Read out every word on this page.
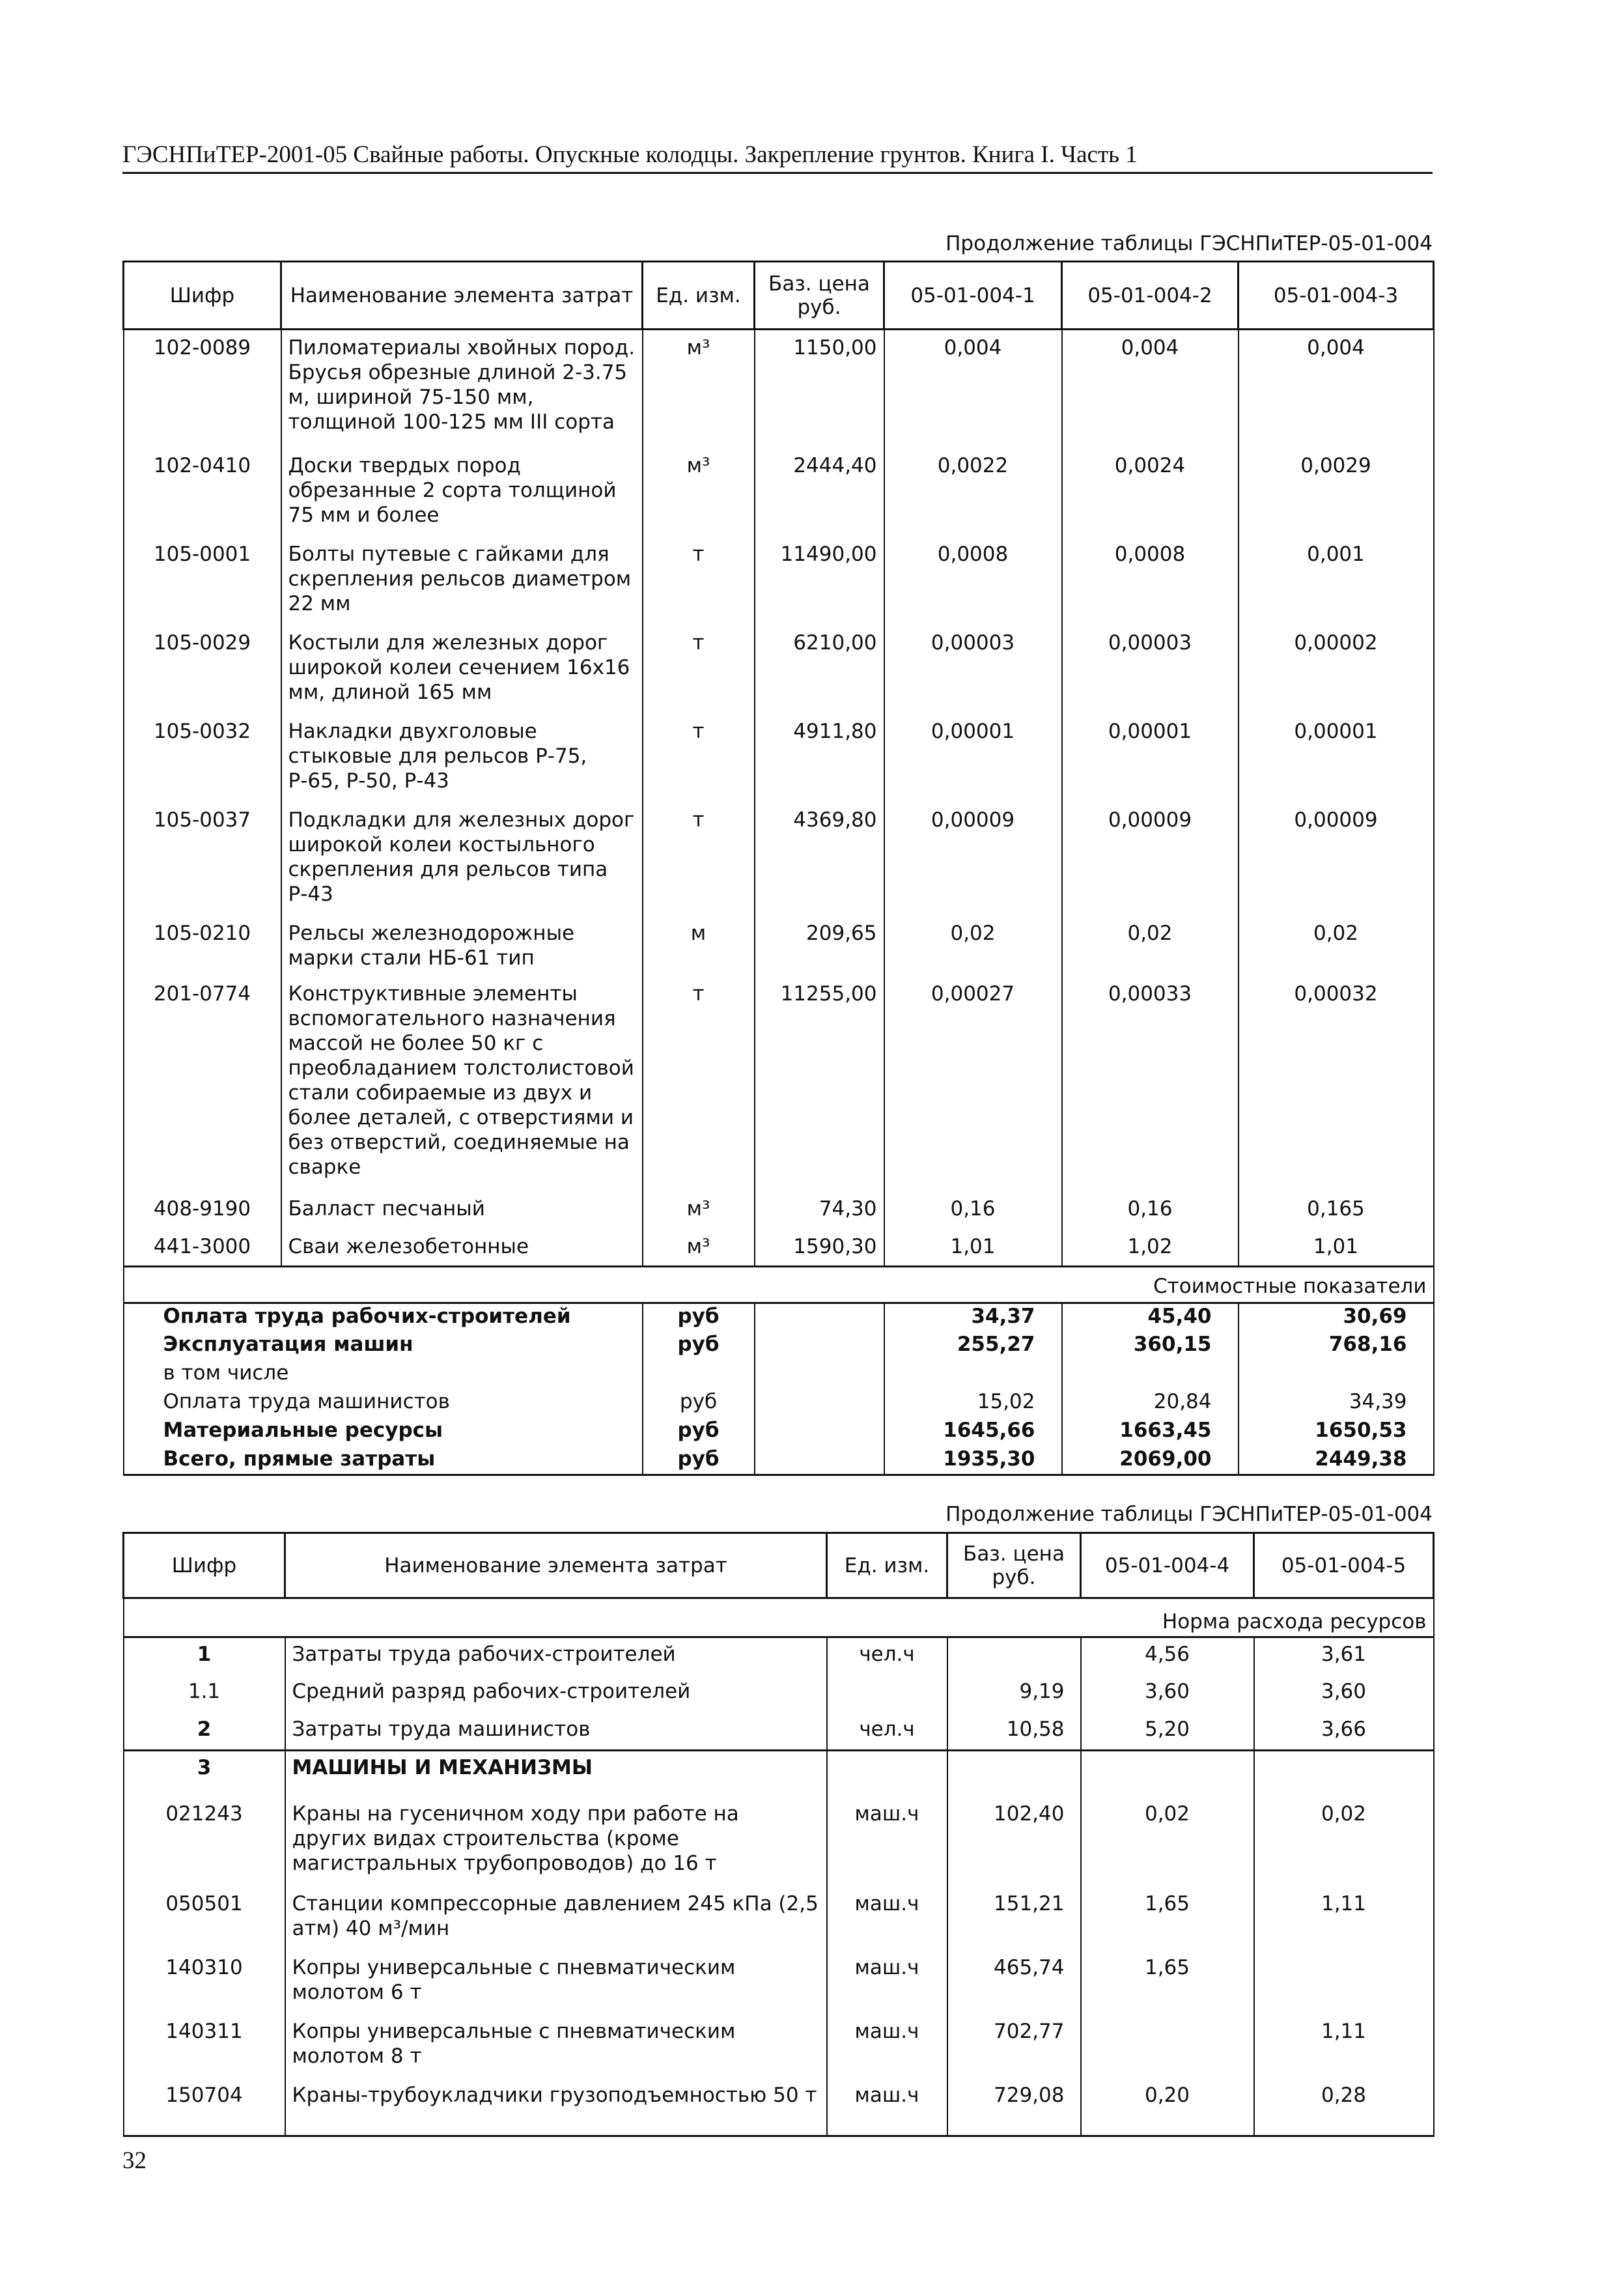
ГЭСНПиТЕР-2001-05 Свайные работы. Опускные колодцы. Закрепление грунтов. Книга I. Часть 1
Продолжение таблицы ГЭСНПиТЕР-05-01-004
Шифр	Наименование элемента затрат	Ед. изм.	Баз. цена руб.	05-01-004-1	05-01-004-2	05-01-004-3
102-0089	Пиломатериалы хвойных пород. Брусья обрезные длиной 2-3.75 м, шириной 75-150 мм, толщиной 100-125 мм III сорта	м³	1150,00	0,004	0,004	0,004
102-0410	Доски твердых пород обрезанные 2 сорта толщиной 75 мм и более	м³	2444,40	0,0022	0,0024	0,0029
105-0001	Болты путевые с гайками для скрепления рельсов диаметром 22 мм	т	11490,00	0,0008	0,0008	0,001
105-0029	Костыли для железных дорог широкой колеи сечением 16x16 мм, длиной 165 мм	т	6210,00	0,00003	0,00003	0,00002
105-0032	Накладки двухголовые стыковые для рельсов Р-75, Р-65, Р-50, Р-43	т	4911,80	0,00001	0,00001	0,00001
105-0037	Подкладки для железных дорог широкой колеи костыльного скрепления для рельсов типа Р-43	т	4369,80	0,00009	0,00009	0,00009
105-0210	Рельсы железнодорожные марки стали НБ-61 тип	м	209,65	0,02	0,02	0,02
201-0774	Конструктивные элементы вспомогательного назначения массой не более 50 кг с преобладанием толстолистовой стали собираемые из двух и более деталей, с отверстиями и без отверстий, соединяемые на сварке	т	11255,00	0,00027	0,00033	0,00032
408-9190	Балласт песчаный	м³	74,30	0,16	0,16	0,165
441-3000	Сваи железобетонные	м³	1590,30	1,01	1,02	1,01
Стоимостные показатели						
Оплата труда рабочих-строителей		руб		34,37	45,40	30,69
Эксплуатация машин		руб		255,27	360,15	768,16
в том числе						
Оплата труда машинистов		руб		15,02	20,84	34,39
Материальные ресурсы		руб		1645,66	1663,45	1650,53
Всего, прямые затраты		руб		1935,30	2069,00	2449,38
Продолжение таблицы ГЭСНПиТЕР-05-01-004
Шифр	Наименование элемента затрат	Ед. изм.	Баз. цена руб.	05-01-004-4	05-01-004-5
Норма расхода ресурсов					
1	Затраты труда рабочих-строителей	чел.ч		4,56	3,61
1.1	Средний разряд рабочих-строителей		9,19	3,60	3,60
2	Затраты труда машинистов	чел.ч	10,58	5,20	3,66
3	МАШИНЫ И МЕХАНИЗМЫ				
021243	Краны на гусеничном ходу при работе на других видах строительства (кроме магистральных трубопроводов) до 16 т	маш.ч	102,40	0,02	0,02
050501	Станции компрессорные давлением 245 кПа (2,5 атм) 40 м³/мин	маш.ч	151,21	1,65	1,11
140310	Копры универсальные с пневматическим молотом 6 т	маш.ч	465,74	1,65	
140311	Копры универсальные с пневматическим молотом 8 т	маш.ч	702,77		1,11
150704	Краны-трубоукладчики грузоподъемностью 50 т	маш.ч	729,08	0,20	0,28
32
